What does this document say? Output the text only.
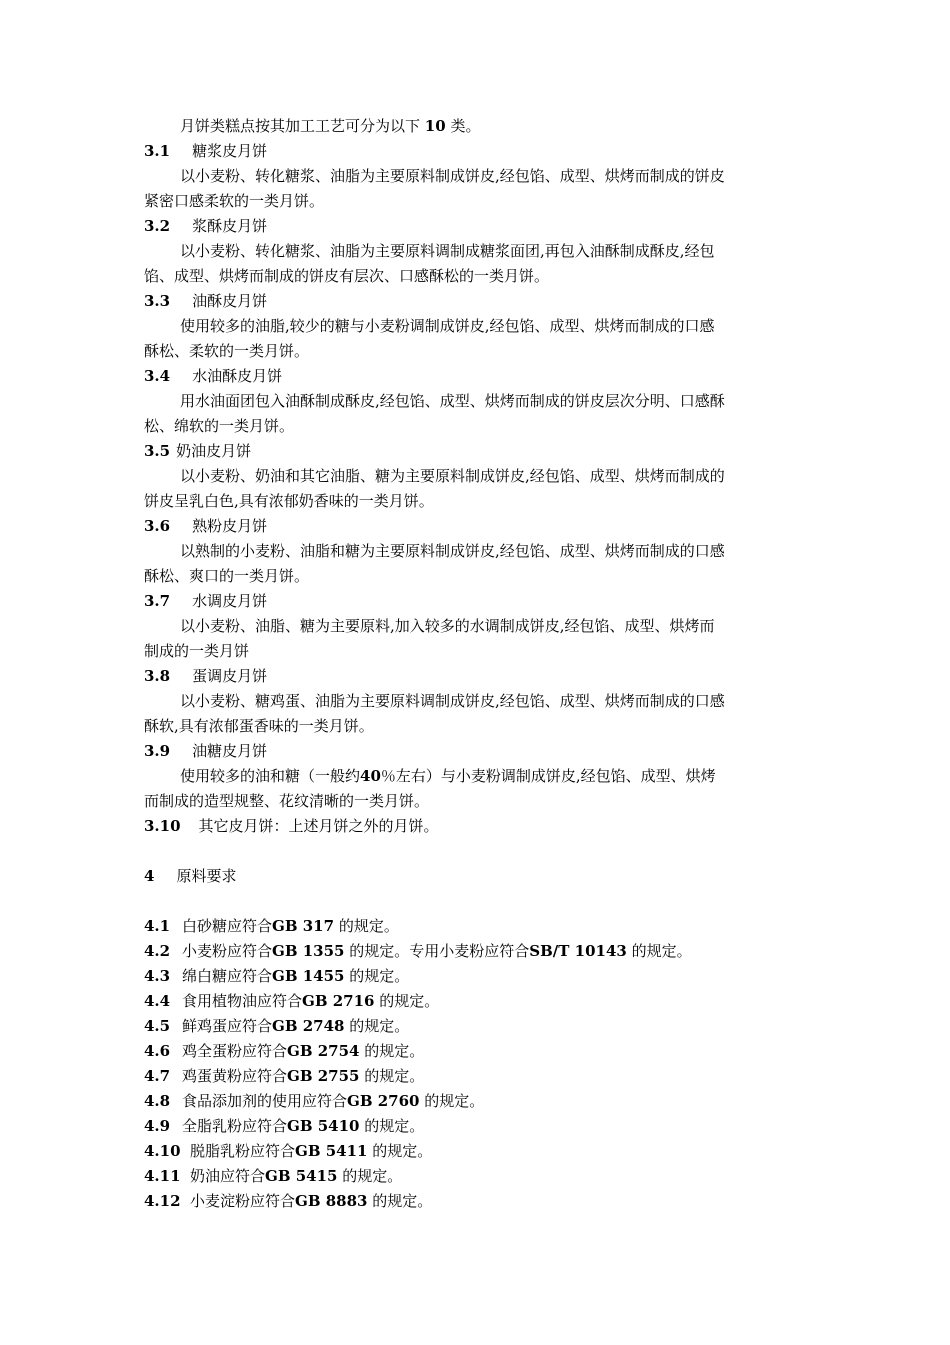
月饼类糕点按其加工工艺可分为以下 10 类。
3.1 糖浆皮月饼
以小麦粉、转化糖浆、油脂为主要原料制成饼皮,经包馅、成型、烘烤而制成的饼皮
紧密口感柔软的一类月饼。
3.2 浆酥皮月饼
以小麦粉、转化糖浆、油脂为主要原料调制成糖浆面团,再包入油酥制成酥皮,经包
馅、成型、烘烤而制成的饼皮有层次、口感酥松的一类月饼。
3.3 油酥皮月饼
使用较多的油脂,较少的糖与小麦粉调制成饼皮,经包馅、成型、烘烤而制成的口感
酥松、柔软的一类月饼。
3.4 水油酥皮月饼
用水油面团包入油酥制成酥皮,经包馅、成型、烘烤而制成的饼皮层次分明、口感酥
松、绵软的一类月饼。
3.5 奶油皮月饼
以小麦粉、奶油和其它油脂、糖为主要原料制成饼皮,经包馅、成型、烘烤而制成的
饼皮呈乳白色,具有浓郁奶香味的一类月饼。
3.6 熟粉皮月饼
以熟制的小麦粉、油脂和糖为主要原料制成饼皮,经包馅、成型、烘烤而制成的口感
酥松、爽口的一类月饼。
3.7 水调皮月饼
以小麦粉、油脂、糖为主要原料,加入较多的水调制成饼皮,经包馅、成型、烘烤而
制成的一类月饼
3.8 蛋调皮月饼
以小麦粉、糖鸡蛋、油脂为主要原料调制成饼皮,经包馅、成型、烘烤而制成的口感
酥软,具有浓郁蛋香味的一类月饼。
3.9 油糖皮月饼
使用较多的油和糖（一般约40％左右）与小麦粉调制成饼皮,经包馅、成型、烘烤
而制成的造型规整、花纹清晰的一类月饼。
3.10 其它皮月饼：上述月饼之外的月饼。
4 原料要求
4.1 白砂糖应符合GB 317 的规定。
4.2 小麦粉应符合GB 1355 的规定。专用小麦粉应符合SB/T 10143 的规定。
4.3 绵白糖应符合GB 1455 的规定。
4.4 食用植物油应符合GB 2716 的规定。
4.5 鲜鸡蛋应符合GB 2748 的规定。
4.6 鸡全蛋粉应符合GB 2754 的规定。
4.7 鸡蛋黄粉应符合GB 2755 的规定。
4.8 食品添加剂的使用应符合GB 2760 的规定。
4.9 全脂乳粉应符合GB 5410 的规定。
4.10 脱脂乳粉应符合GB 5411 的规定。
4.11 奶油应符合GB 5415 的规定。
4.12 小麦淀粉应符合GB 8883 的规定。
